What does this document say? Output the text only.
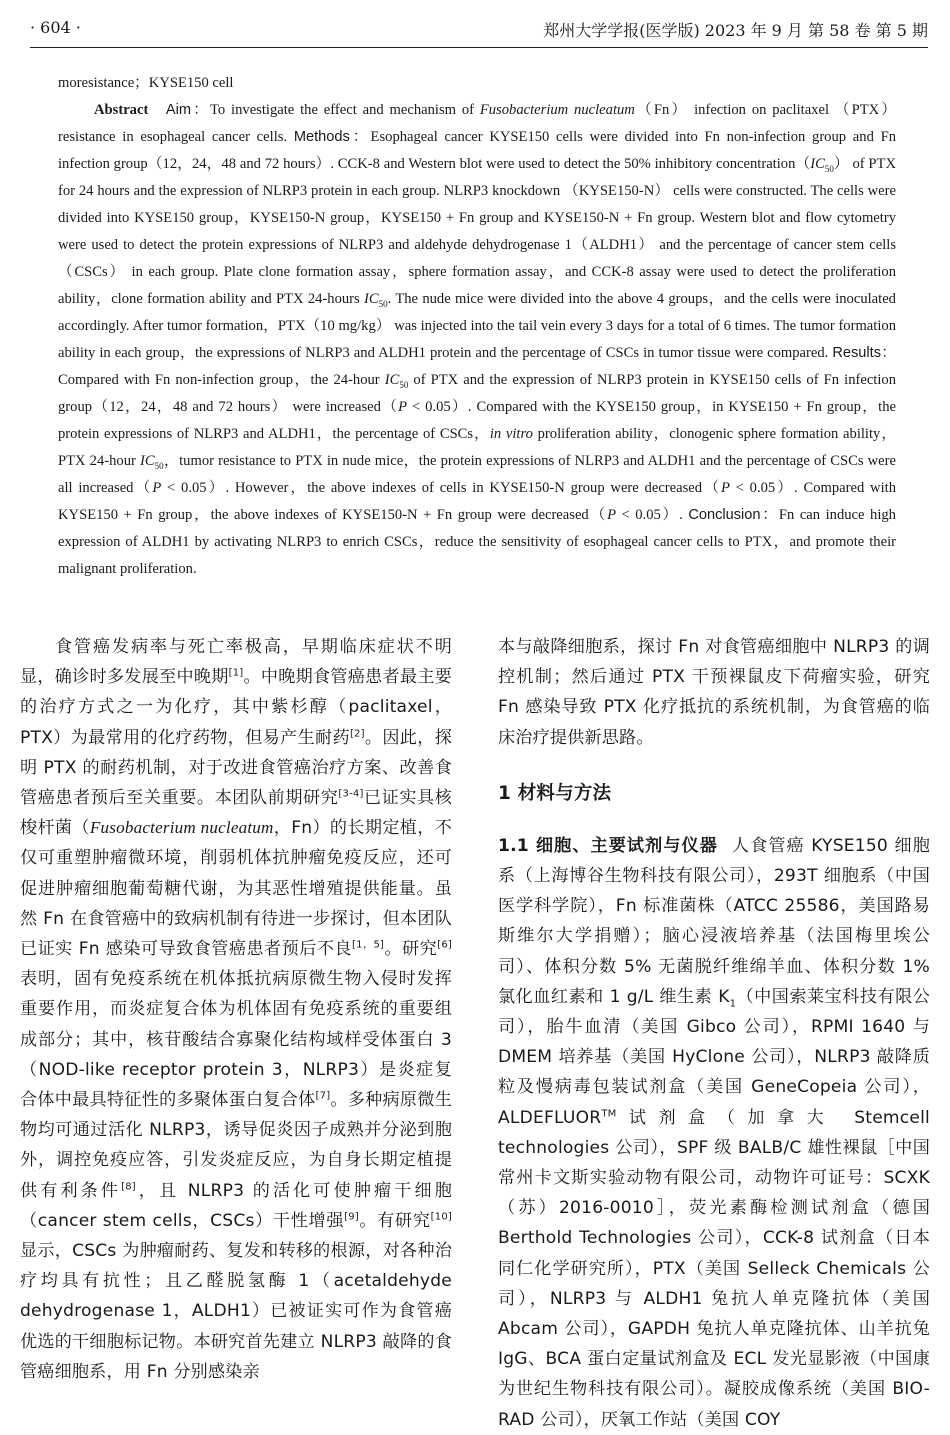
· 604 ·	郑州大学学报(医学版) 2023 年 9 月 第 58 卷 第 5 期

moresistance；KYSE150 cell

Abstract Aim：To investigate the effect and mechanism of Fusobacterium nucleatum（Fn） infection on paclitaxel （PTX） resistance in esophageal cancer cells. Methods：Esophageal cancer KYSE150 cells were divided into Fn non-infection group and Fn infection group（12，24，48 and 72 hours）. CCK-8 and Western blot were used to detect the 50% inhibitory $concentration(IC_{50})$ of PTX for 24 hours and the expression of NLRP3 protein in each group. NLRP3 knockdown （KYSE150-N） cells were constructed. The cells were divided into KYSE150 group，KYSE150-N group，KYSE150 + Fn group and KYSE150-N + Fn group. Western blot and flow cytometry were used to detect the protein expressions of NLRP3 and aldehyde dehydrogenase 1（ALDH1） and the percentage of cancer stem cells（CSCs） in each group. Plate clone formation assay，sphere formation assay，and CCK-8 assay were used to detect the proliferation ability，clone formation ability and PTX 24-hours $IC_{50}$. The nude mice were divided into the above 4 groups，and the cells were inoculated accordingly. After tumor formation，PTX（10 mg/kg） was injected into the tail vein every 3 days for a total of 6 times. The tumor formation ability in each group，the expressions of NLRP3 and ALDH1 protein and the percentage of CSCs in tumor tissue were compared. Results：Compared with Fn non-infection group，the 24-hour $IC_{50}$ of PTX and the expression of NLRP3 protein in KYSE150 cells of Fn infection group（12，24，48 and 72 hours） were increased（P < 0.05）. Compared with the KYSE150 group，in KYSE150 + Fn group，the protein expressions of NLRP3 and ALDH1，the percentage of CSCs，in vitro proliferation ability，clonogenic sphere formation ability，PTX 24-hour $IC_{50}$，tumor resistance to PTX in nude mice，the protein expressions of NLRP3 and ALDH1 and the percentage of CSCs were all increased（P < 0.05）. However，the above indexes of cells in KYSE150-N group were decreased（P < 0.05）. Compared with KYSE150 + Fn group，the above indexes of KYSE150-N + Fn group were decreased（P < 0.05）. Conclusion：Fn can induce high expression of ALDH1 by activating NLRP3 to enrich CSCs，reduce the sensitivity of esophageal cancer cells to PTX，and promote their malignant proliferation.

食管癌发病率与死亡率极高，早期临床症状不明显，确诊时多发展至中晚期[1]。中晚期食管癌患者最主要的治疗方式之一为化疗，其中紫杉醇（paclitaxel，PTX）为最常用的化疗药物，但易产生耐药[2]。因此，探明 PTX 的耐药机制，对于改进食管癌治疗方案、改善食管癌患者预后至关重要。本团队前期研究[3-4]已证实具核梭杆菌（Fusobacterium nucleatum，Fn）的长期定植，不仅可重塑肿瘤微环境，削弱机体抗肿瘤免疫反应，还可促进肿瘤细胞葡萄糖代谢，为其恶性增殖提供能量。虽然 Fn 在食管癌中的致病机制有待进一步探讨，但本团队已证实 Fn 感染可导致食管癌患者预后不良[1，5]。研究[6]表明，固有免疫系统在机体抵抗病原微生物入侵时发挥重要作用，而炎症复合体为机体固有免疫系统的重要组成部分；其中，核苷酸结合寡聚化结构域样受体蛋白 3（NOD-like receptor protein 3，NLRP3）是炎症复合体中最具特征性的多聚体蛋白复合体[7]。多种病原微生物均可通过活化 NLRP3，诱导促炎因子成熟并分泌到胞外，调控免疫应答，引发炎症反应，为自身长期定植提供有利条件[8]，且 NLRP3 的活化可使肿瘤干细胞（cancer stem cells，CSCs）干性增强[9]。有研究[10]显示，CSCs 为肿瘤耐药、复发和转移的根源，对各种治疗均具有抗性；且乙醛脱氢酶 1（acetaldehyde dehydrogenase 1，ALDH1）已被证实可作为食管癌优选的干细胞标记物。本研究首先建立 NLRP3 敲降的食管癌细胞系，用 Fn 分别感染亲

本与敲降细胞系，探讨 Fn 对食管癌细胞中 NLRP3 的调控机制；然后通过 PTX 干预裸鼠皮下荷瘤实验，研究 Fn 感染导致 PTX 化疗抵抗的系统机制，为食管癌的临床治疗提供新思路。

1 材料与方法

1.1 细胞、主要试剂与仪器 人食管癌 KYSE150 细胞系（上海博谷生物科技有限公司），293T 细胞系（中国医学科学院），Fn 标准菌株（ATCC 25586，美国路易斯维尔大学捐赠）；脑心浸液培养基（法国梅里埃公司）、体积分数 5% 无菌脱纤维绵羊血、体积分数 1% 氯化血红素和 1 g/L 维生素 $K_1$（中国索莱宝科技有限公司），胎牛血清（美国 Gibco 公司），RPMI 1640 与 DMEM 培养基（美国 HyClone 公司），NLRP3 敲降质粒及慢病毒包装试剂盒（美国 GeneCopeia 公司），ALDEFLUOR™试剂盒（加拿大 Stemcell technologies 公司），SPF 级 BALB/C 雄性裸鼠［中国常州卡文斯实验动物有限公司，动物许可证号：SCXK（苏）2016-0010］，荧光素酶检测试剂盒（德国 Berthold Technologies 公司），CCK-8 试剂盒（日本同仁化学研究所），PTX（美国 Selleck Chemicals 公司），NLRP3 与 ALDH1 兔抗人单克隆抗体（美国 Abcam 公司），GAPDH 兔抗人单克隆抗体、山羊抗兔 IgG、BCA 蛋白定量试剂盒及 ECL 发光显影液（中国康为世纪生物科技有限公司）。凝胶成像系统（美国 BIO-RAD 公司），厌氧工作站（美国 COY
